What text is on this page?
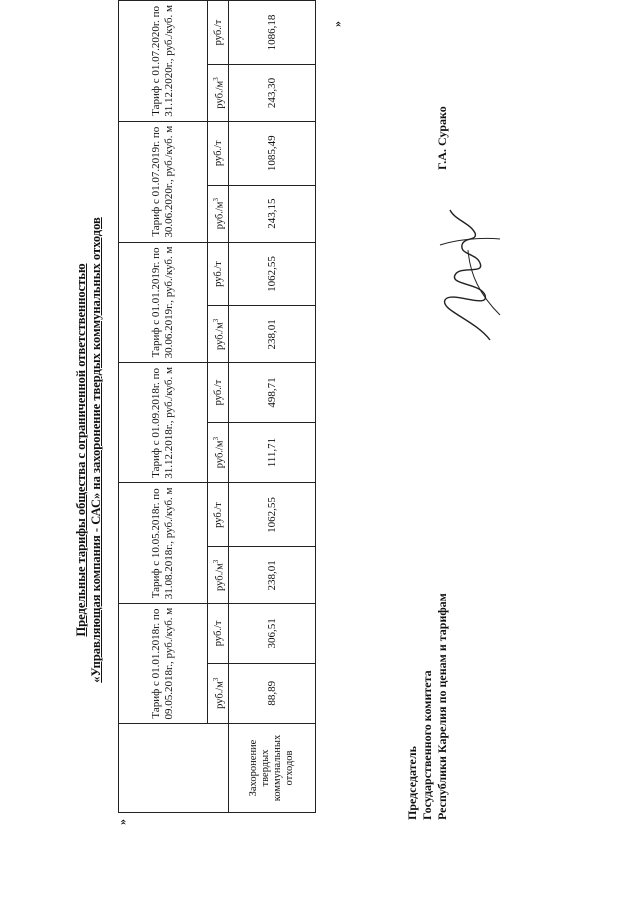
»
»
Предельные тарифы общества с ограниченной ответственностью «Управляющая компания - САС» на захоронение твердых коммунальных отходов
		Тариф с 01.01.2018г. по 09.05.2018г., руб./куб. м		Тариф с 10.05.2018г. по 31.08.2018г., руб./куб. м		Тариф с 01.09.2018г. по 31.12.2018г., руб./куб. м		Тариф с 01.01.2019г. по 30.06.2019г., руб./куб. м		Тариф с 01.07.2019г. по 30.06.2020г., руб./куб. м		Тариф с 01.07.2020г. по 31.12.2020г., руб./куб. м	
	$руб./м^3$	руб./т	$руб./м^3$	руб./т	$руб./м^3$	руб./т	$руб./м^3$	руб./т	$руб./м^3$	руб./т	$руб./м^3$	руб./т
Захоронение твердых коммунальных отходов	88,89	306,51	238,01	1062,55	111,71	498,71	238,01	1062,55	243,15	1085,49	243,30	1086,18
Председатель Государственного комитета Республики Карелия по ценам и тарифам
Г.А. Сурако
